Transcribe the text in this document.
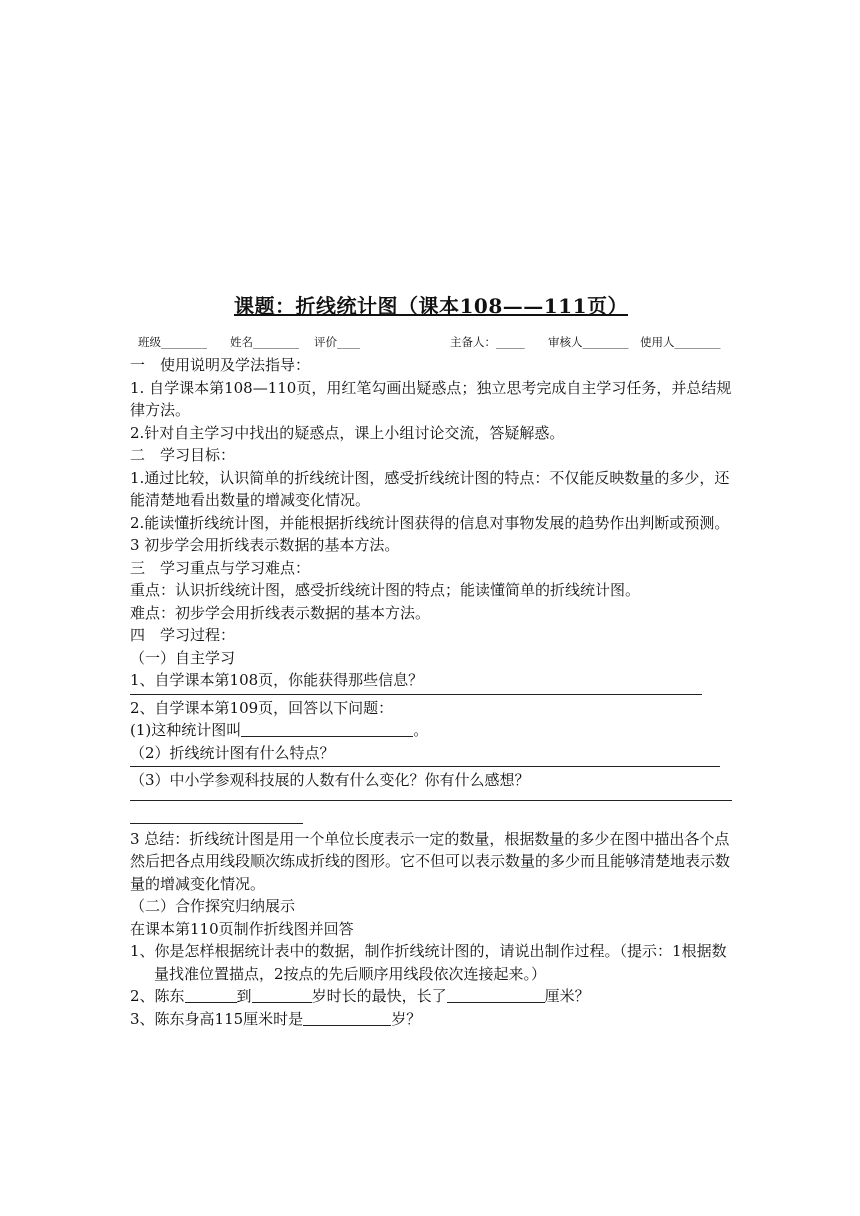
课题：折线统计图（课本108——111页）
班级________ 姓名________ 评价____	主备人：_____ 审核人________ 使用人________
一　使用说明及学法指导：
1. 自学课本第108—110页，用红笔勾画出疑惑点；独立思考完成自主学习任务，并总结规律方法。
2.针对自主学习中找出的疑惑点，课上小组讨论交流，答疑解惑。
二　学习目标：
1.通过比较，认识简单的折线统计图，感受折线统计图的特点：不仅能反映数量的多少，还能清楚地看出数量的增减变化情况。
2.能读懂折线统计图，并能根据折线统计图获得的信息对事物发展的趋势作出判断或预测。
3 初步学会用折线表示数据的基本方法。
三　学习重点与学习难点：
重点：认识折线统计图，感受折线统计图的特点；能读懂简单的折线统计图。
难点：初步学会用折线表示数据的基本方法。
四　学习过程：
（一）自主学习
1、自学课本第108页，你能获得那些信息？
2、自学课本第109页，回答以下问题：
(1)这种统计图叫	。
（2）折线统计图有什么特点？
（3）中小学参观科技展的人数有什么变化？你有什么感想？
3 总结：折线统计图是用一个单位长度表示一定的数量，根据数量的多少在图中描出各个点然后把各点用线段顺次练成折线的图形。它不但可以表示数量的多少而且能够清楚地表示数量的增减变化情况。
（二）合作探究归纳展示
在课本第110页制作折线图并回答
1、你是怎样根据统计表中的数据，制作折线统计图的，请说出制作过程。（提示：1根据数量找准位置描点，2按点的先后顺序用线段依次连接起来。）
2、陈东	到	岁时长的最快，长了	厘米？
3、陈东身高115厘米时是	岁？
